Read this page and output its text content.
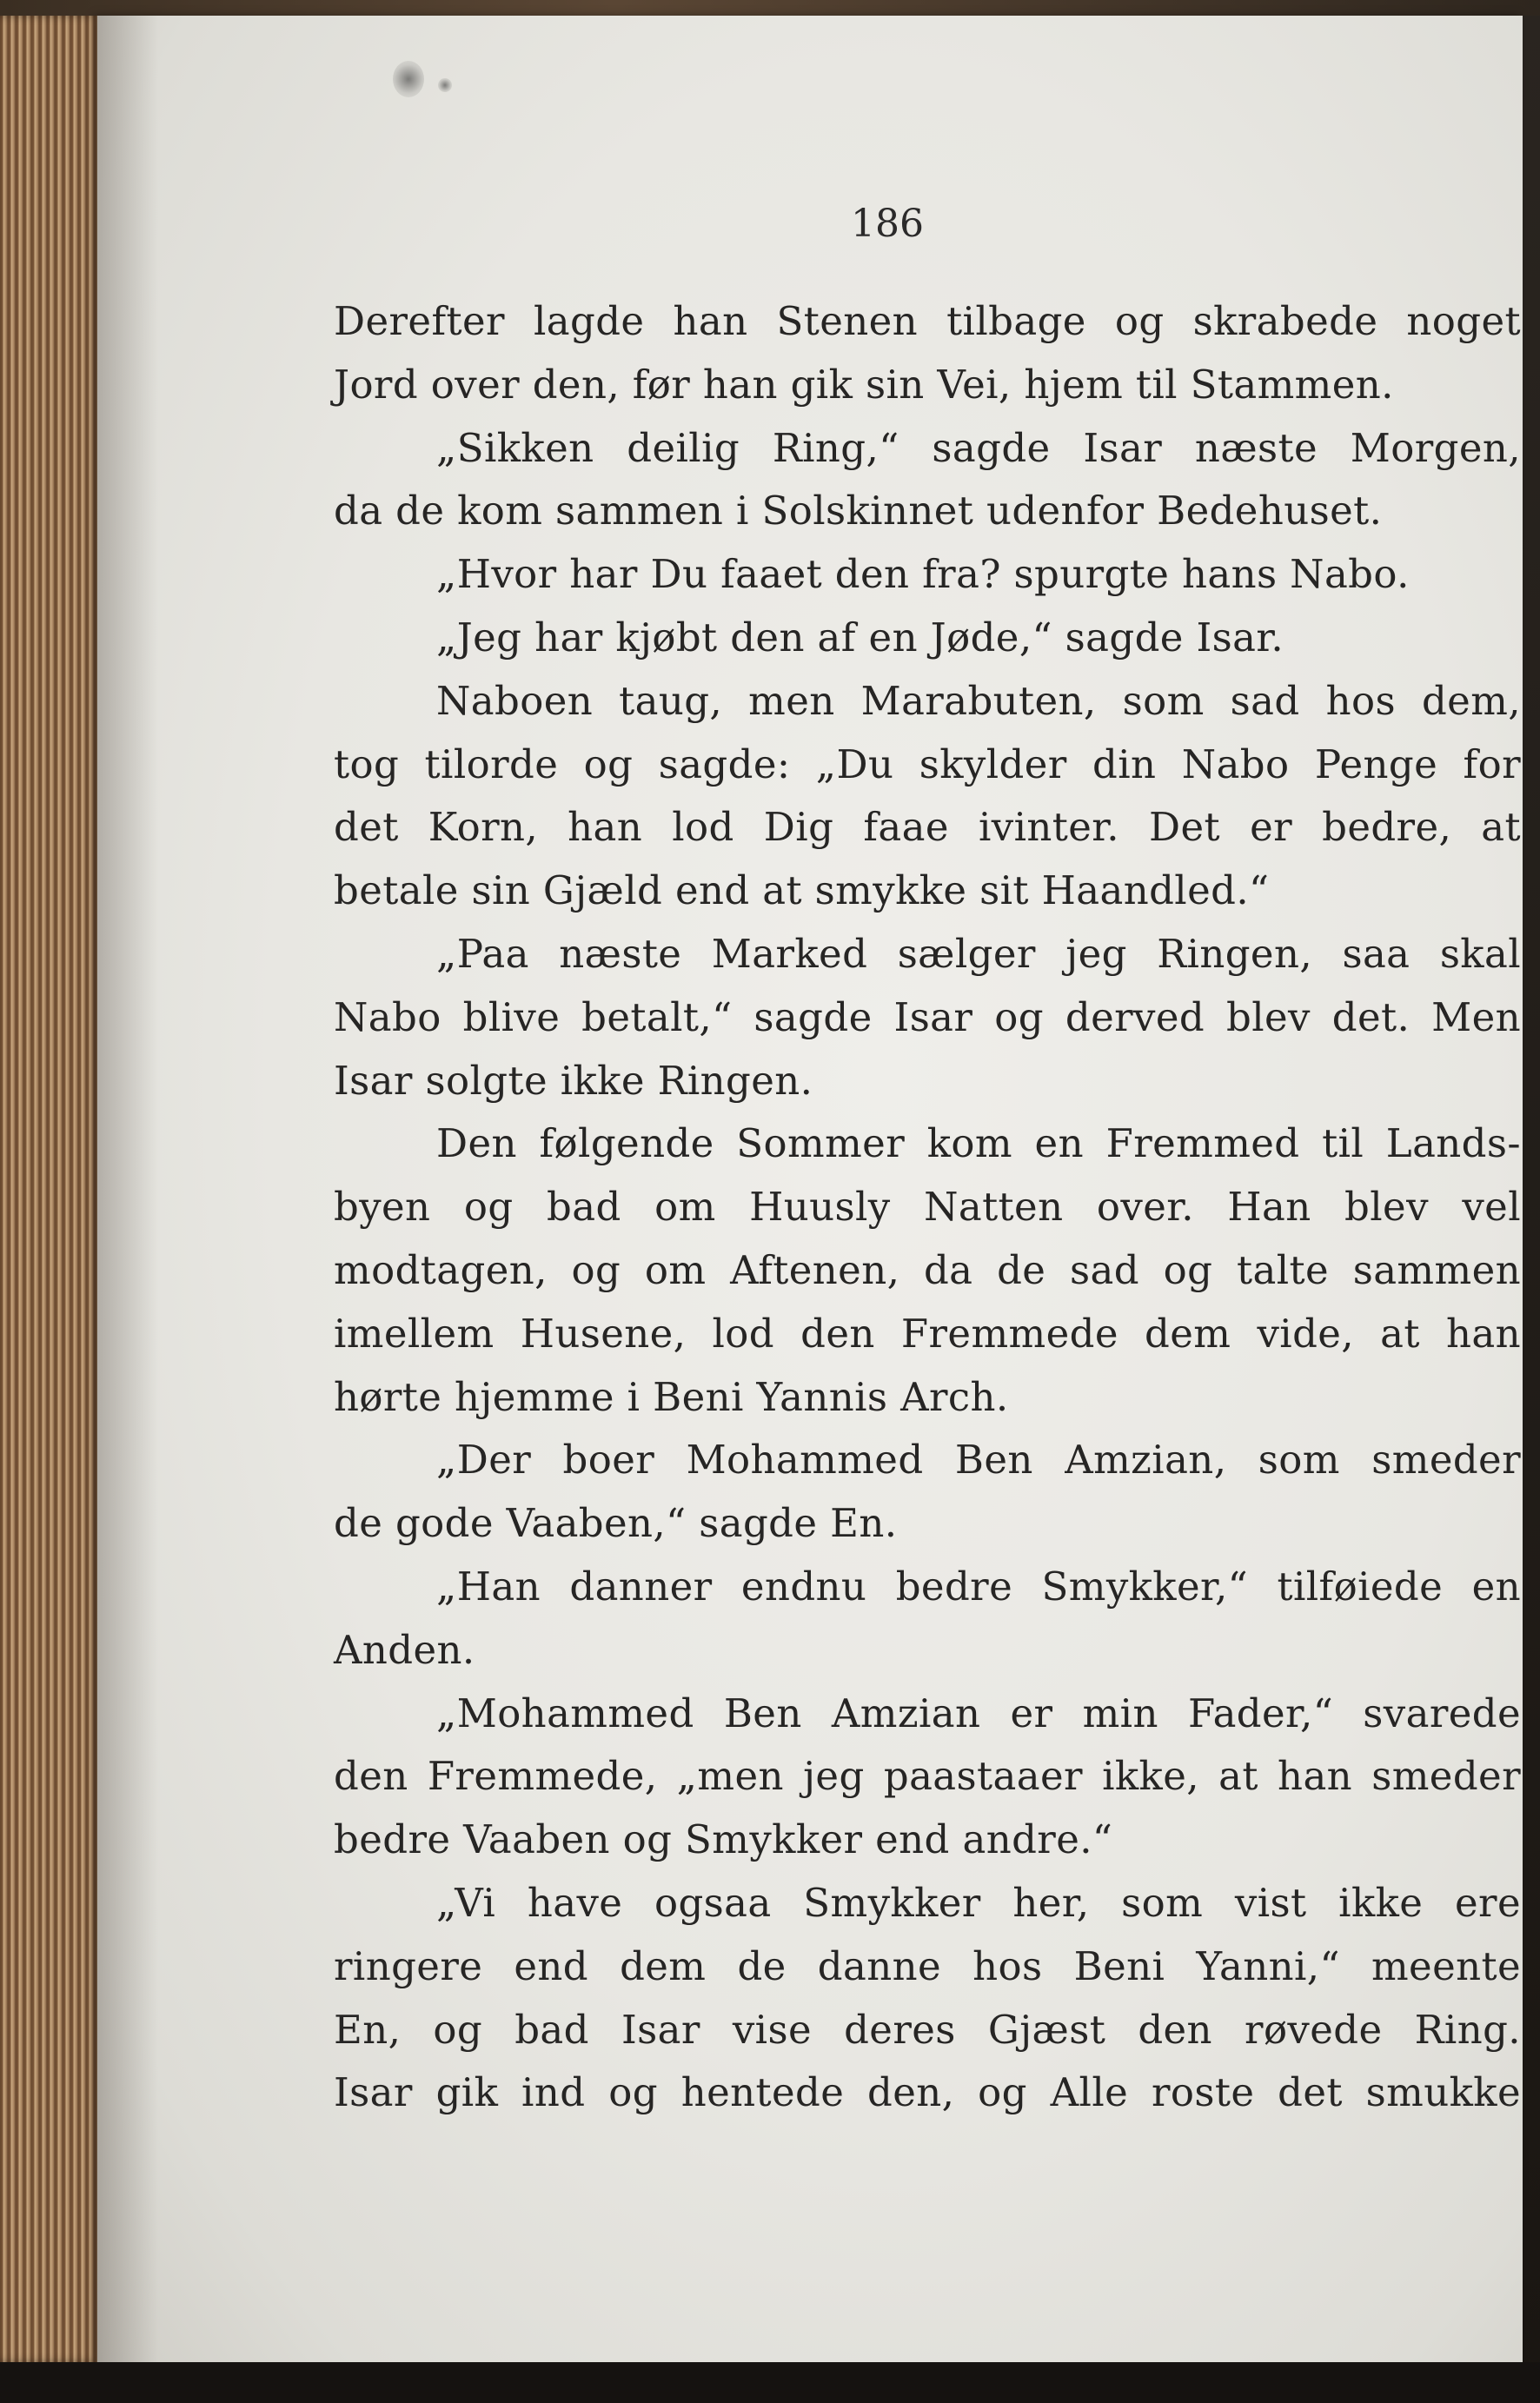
186
Derefter lagde han Stenen tilbage og skrabede noget
Jord over den, før han gik sin Vei, hjem til Stammen.
„Sikken deilig Ring,“ sagde Isar næste Morgen,
da de kom sammen i Solskinnet udenfor Bedehuset.
„Hvor har Du faaet den fra? spurgte hans Nabo.
„Jeg har kjøbt den af en Jøde,“ sagde Isar.
Naboen taug, men Marabuten, som sad hos dem,
tog tilorde og sagde: „Du skylder din Nabo Penge for
det Korn, han lod Dig faae ivinter. Det er bedre, at
betale sin Gjæld end at smykke sit Haandled.“
„Paa næste Marked sælger jeg Ringen, saa skal
Nabo blive betalt,“ sagde Isar og derved blev det. Men
Isar solgte ikke Ringen.
Den følgende Sommer kom en Fremmed til Lands-
byen og bad om Huusly Natten over. Han blev vel
modtagen, og om Aftenen, da de sad og talte sammen
imellem Husene, lod den Fremmede dem vide, at han
hørte hjemme i Beni Yannis Arch.
„Der boer Mohammed Ben Amzian, som smeder
de gode Vaaben,“ sagde En.
„Han danner endnu bedre Smykker,“ tilføiede en
Anden.
„Mohammed Ben Amzian er min Fader,“ svarede
den Fremmede, „men jeg paastaaer ikke, at han smeder
bedre Vaaben og Smykker end andre.“
„Vi have ogsaa Smykker her, som vist ikke ere
ringere end dem de danne hos Beni Yanni,“ meente
En, og bad Isar vise deres Gjæst den røvede Ring.
Isar gik ind og hentede den, og Alle roste det smukke
